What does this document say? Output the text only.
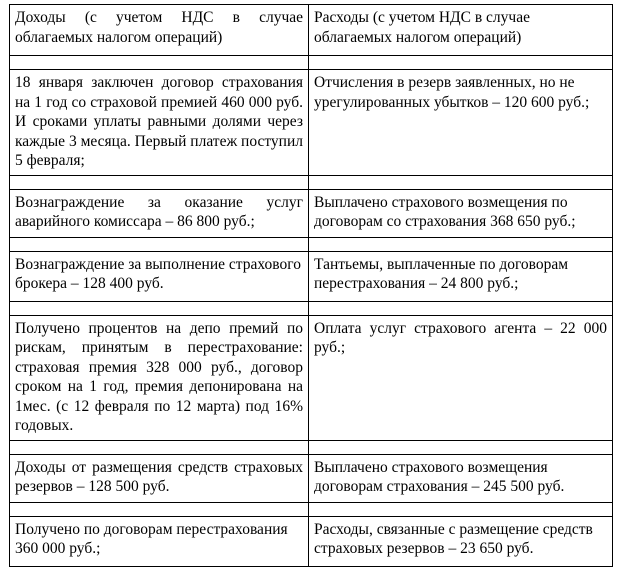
Доходы (с учетом НДС в случае облагаемых налогом операций)	Расходы (с учетом НДС в случае облагаемых налогом операций)

18 января заключен договор страхования на 1 год со страховой премией 460 000 руб. И сроками уплаты равными долями через каждые 3 месяца. Первый платеж поступил 5 февраля;	Отчисления в резерв заявленных, но не урегулированных убытков – 120 600 руб.;

Вознаграждение за оказание услуг аварийного комиссара – 86 800 руб.;	Выплачено страхового возмещения по договорам со страхования 368 650 руб.;

Вознаграждение за выполнение страхового брокера – 128 400 руб.	Тантьемы, выплаченные по договорам перестрахования – 24 800 руб.;

Получено процентов на депо премий по рискам, принятым в перестрахование: страховая премия 328 000 руб., договор сроком на 1 год, премия депонирована на 1мес. (с 12 февраля по 12 марта) под 16% годовых.	Оплата услуг страхового агента – 22 000 руб.;

Доходы от размещения средств страховых резервов – 128 500 руб.	Выплачено страхового возмещения договорам страхования – 245 500 руб.

Получено по договорам перестрахования 360 000 руб.;	Расходы, связанные с размещение средств страховых резервов – 23 650 руб.
